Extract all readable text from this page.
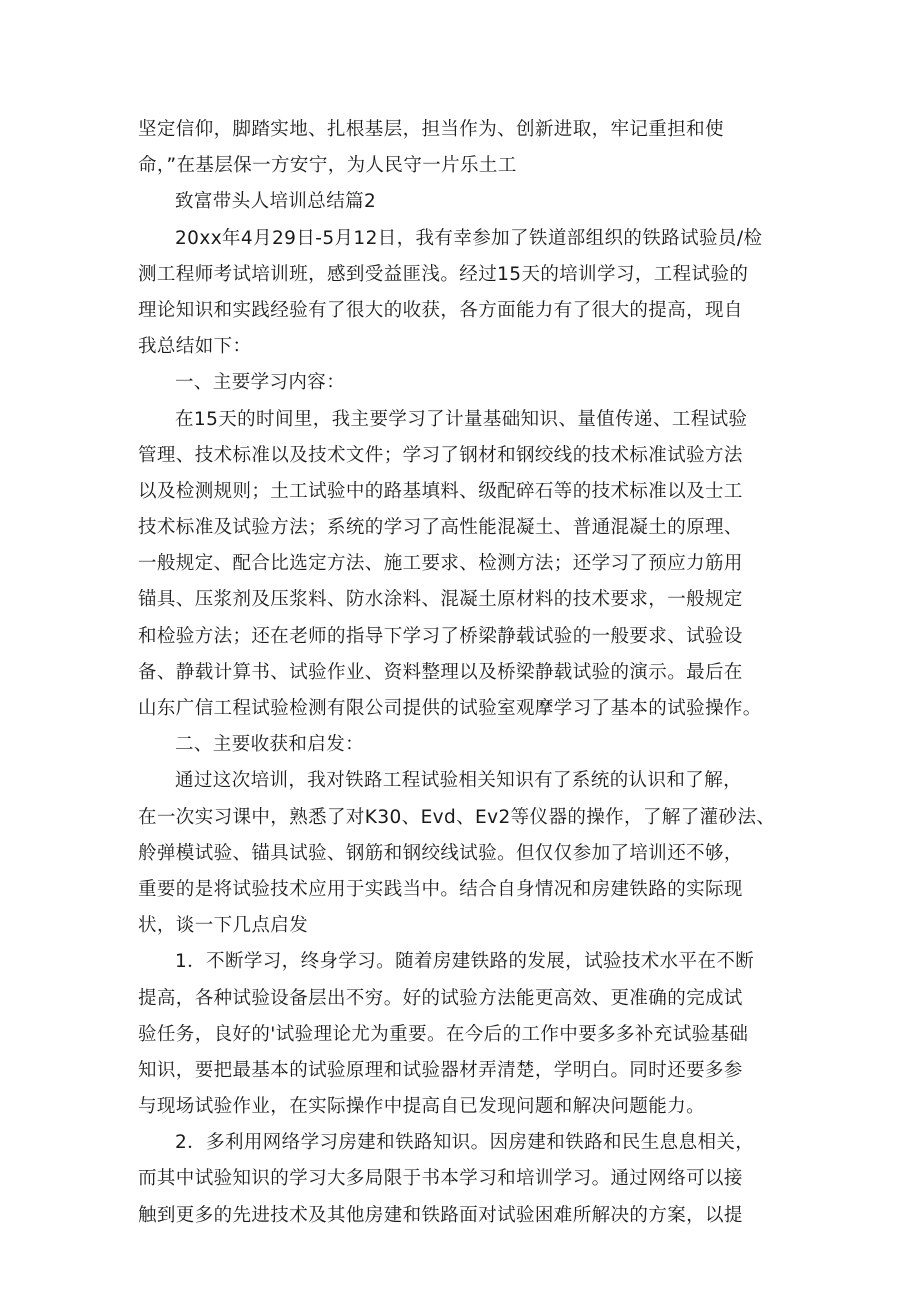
坚定信仰，脚踏实地、扎根基层，担当作为、创新进取，牢记重担和使
命，”在基层保一方安宁，为人民守一片乐土工
致富带头人培训总结篇2
20xx年4月29日-5月12日，我有幸参加了铁道部组织的铁路试验员/检
测工程师考试培训班，感到受益匪浅。经过15天的培训学习，工程试验的
理论知识和实践经验有了很大的收获，各方面能力有了很大的提高，现自
我总结如下：
一、主要学习内容：
在15天的时间里，我主要学习了计量基础知识、量值传递、工程试验
管理、技术标准以及技术文件；学习了钢材和钢绞线的技术标准试验方法
以及检测规则；土工试验中的路基填料、级配碎石等的技术标准以及士工
技术标准及试验方法；系统的学习了高性能混凝土、普通混凝土的原理、
一般规定、配合比选定方法、施工要求、检测方法；还学习了预应力筋用
锚具、压浆剂及压浆料、防水涂料、混凝土原材料的技术要求，一般规定
和检验方法；还在老师的指导下学习了桥梁静载试验的一般要求、试验设
备、静载计算书、试验作业、资料整理以及桥梁静载试验的演示。最后在
山东广信工程试验检测有限公司提供的试验室观摩学习了基本的试验操作。
二、主要收获和启发：
通过这次培训，我对铁路工程试验相关知识有了系统的认识和了解，
在一次实习课中，熟悉了对K30、Evd、Ev2等仪器的操作，了解了灌砂法、
舲弹模试验、锚具试验、钢筋和钢绞线试验。但仅仅参加了培训还不够，
重要的是将试验技术应用于实践当中。结合自身情况和房建铁路的实际现
状，谈一下几点启发
1．不断学习，终身学习。随着房建铁路的发展，试验技术水平在不断
提高，各种试验设备层出不穷。好的试验方法能更高效、更准确的完成试
验任务，良好的'试验理论尤为重要。在今后的工作中要多多补充试验基础
知识，要把最基本的试验原理和试验器材弄清楚，学明白。同时还要多参
与现场试验作业，在实际操作中提高自已发现问题和解决问题能力。
2．多利用网络学习房建和铁路知识。因房建和铁路和民生息息相关，
而其中试验知识的学习大多局限于书本学习和培训学习。通过网络可以接
触到更多的先进技术及其他房建和铁路面对试验困难所解决的方案，以提
